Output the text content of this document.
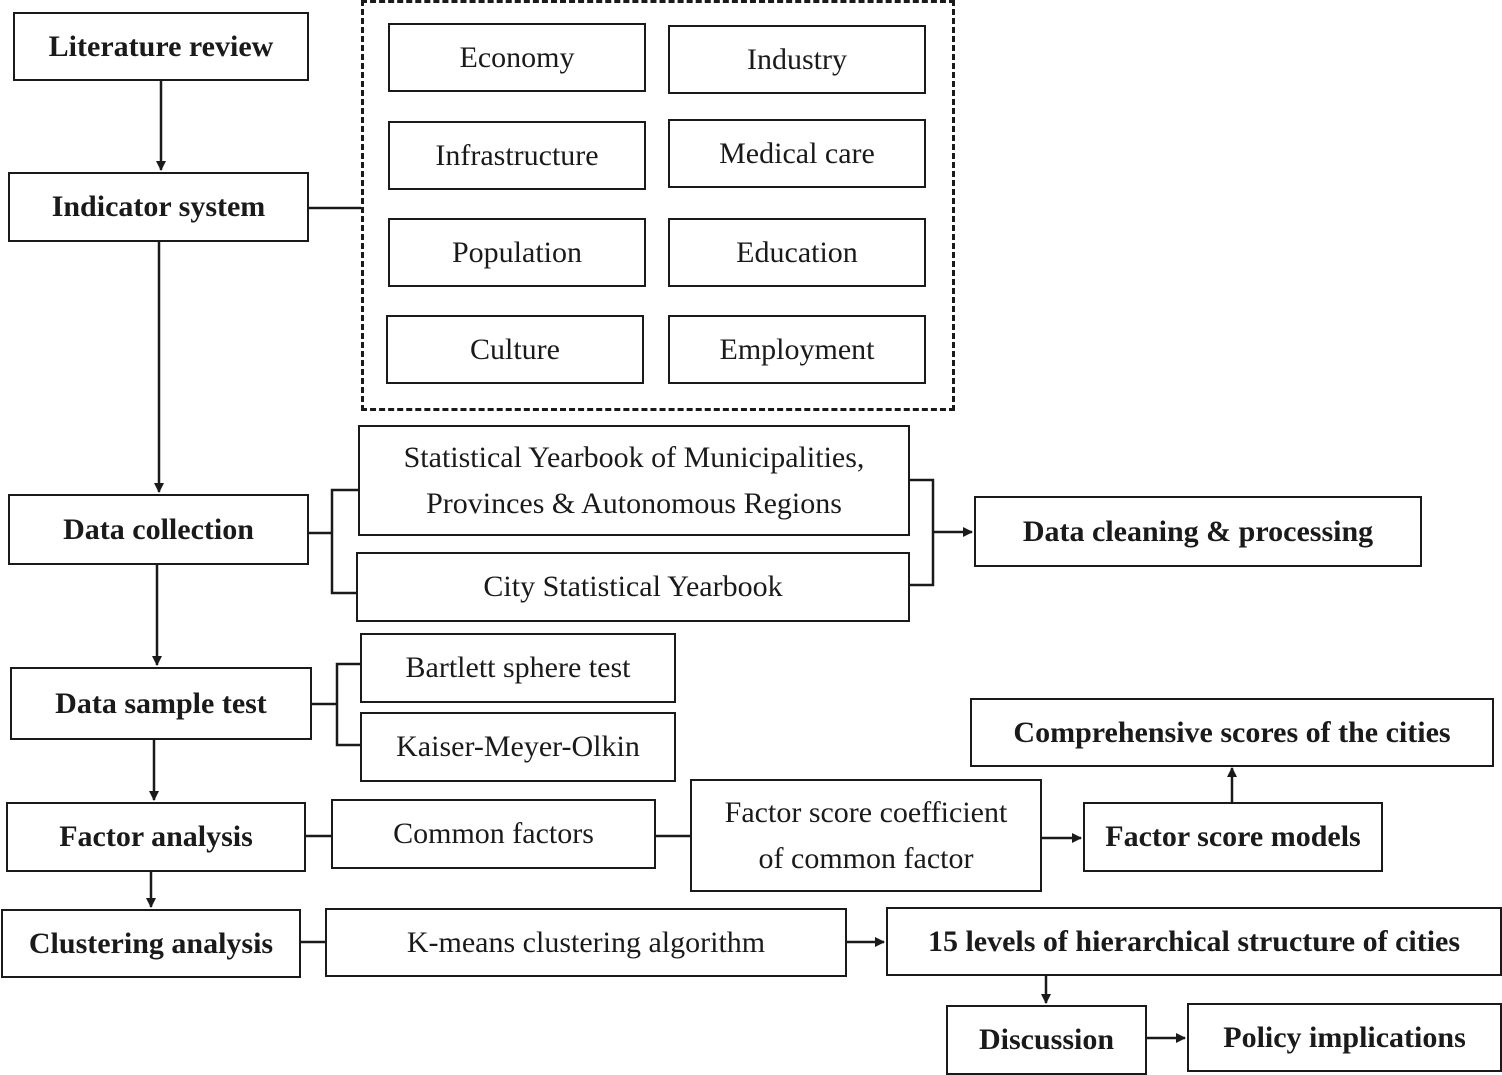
Literature review
Indicator system
Data collection
Data sample test
Factor analysis
Clustering analysis
Economy	Industry
Infrastructure	Medical care
Population	Education
Culture	Employment
Statistical Yearbook of Municipalities,
Provinces & Autonomous Regions
City Statistical Yearbook
Data cleaning & processing
Bartlett sphere test
Kaiser-Meyer-Olkin
Common factors
Factor score coefficient
of common factor
Factor score models
Comprehensive scores of the cities
K-means clustering algorithm	15 levels of hierarchical structure of cities
Discussion	Policy implications
